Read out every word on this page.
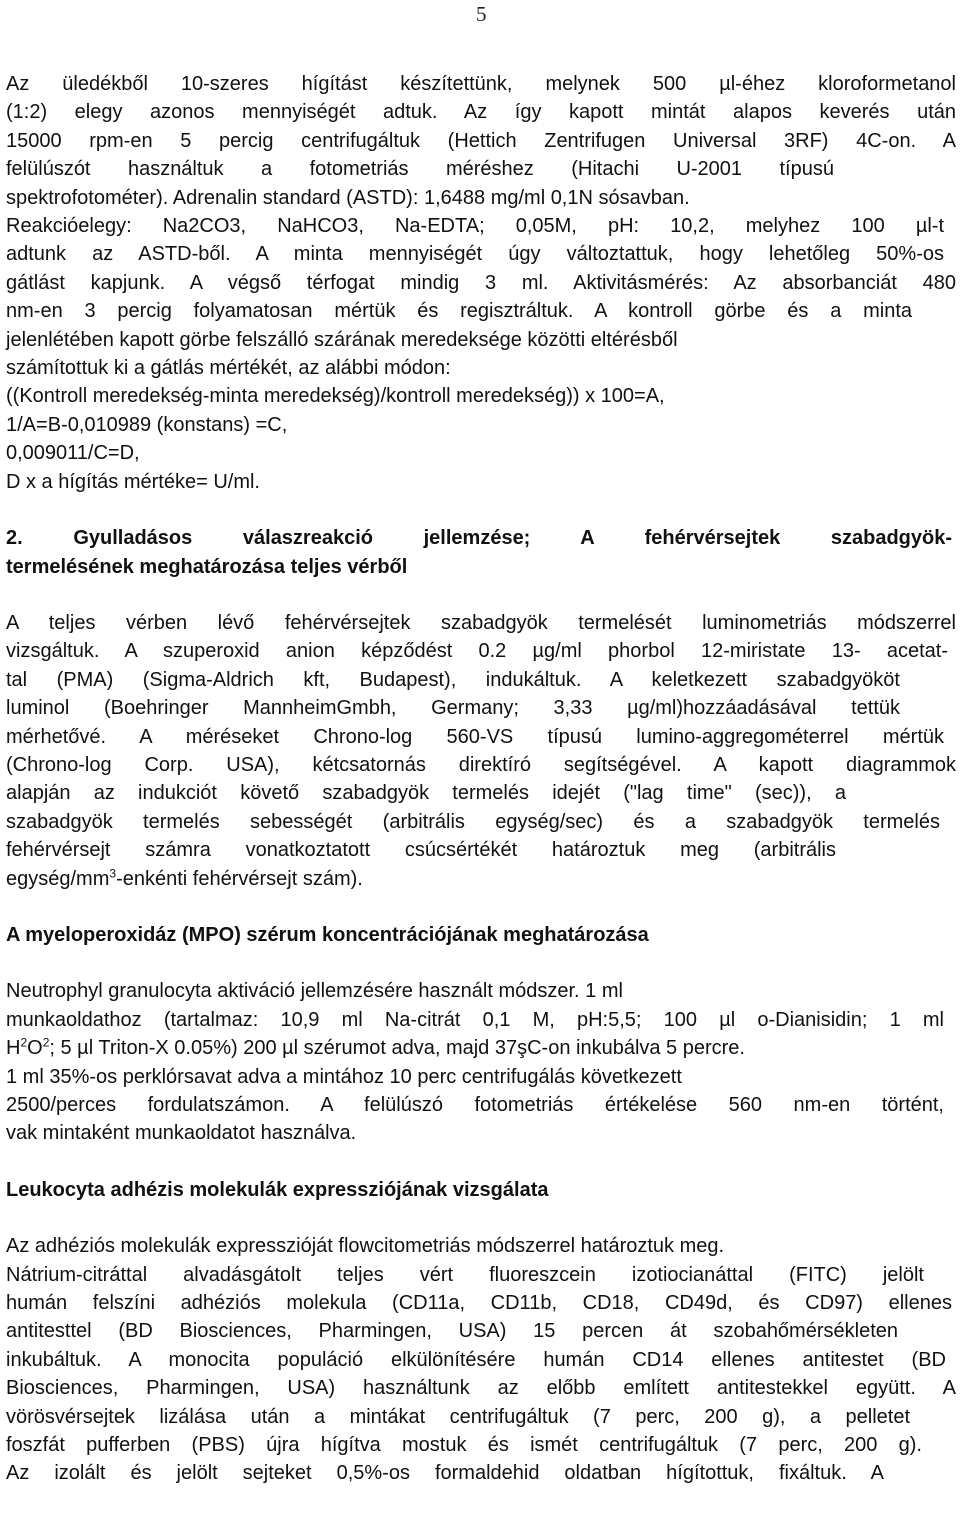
5
Az üledékből 10-szeres hígítást készítettünk, melynek 500 µl-éhez kloroformetanol
(1:2) elegy azonos mennyiségét adtuk. Az így kapott mintát alapos keverés után
15000 rpm-en 5 percig centrifugáltuk (Hettich Zentrifugen Universal 3RF) 4C-on. A
felülúszót használtuk a fotometriás méréshez (Hitachi U-2001 típusú
spektrofotométer). Adrenalin standard (ASTD): 1,6488 mg/ml 0,1N sósavban.
Reakcióelegy: Na2CO3, NaHCO3, Na-EDTA; 0,05M, pH: 10,2, melyhez 100 µl-t
adtunk az ASTD-ből. A minta mennyiségét úgy változtattuk, hogy lehetőleg 50%-os
gátlást kapjunk. A végső térfogat mindig 3 ml. Aktivitásmérés: Az absorbanciát 480
nm-en 3 percig folyamatosan mértük és regisztráltuk. A kontroll görbe és a minta
jelenlétében kapott görbe felszálló szárának meredeksége közötti eltérésből
számítottuk ki a gátlás mértékét, az alábbi módon:
((Kontroll meredekség-minta meredekség)/kontroll meredekség)) x 100=A,
1/A=B-0,010989 (konstans) =C,
0,009011/C=D,
D x a hígítás mértéke= U/ml.
2. Gyulladásos válaszreakció jellemzése; A fehérvérsejtek szabadgyök-
termelésének meghatározása teljes vérből
A teljes vérben lévő fehérvérsejtek szabadgyök termelését luminometriás módszerrel
vizsgáltuk. A szuperoxid anion képződést 0.2 µg/ml phorbol 12-miristate 13- acetat-
tal (PMA) (Sigma-Aldrich kft, Budapest), indukáltuk. A keletkezett szabadgyököt
luminol (Boehringer MannheimGmbh, Germany; 3,33 µg/ml)hozzáadásával tettük
mérhetővé. A méréseket Chrono-log 560-VS típusú lumino-aggregométerrel mértük
(Chrono-log Corp. USA), kétcsatornás direktíró segítségével. A kapott diagrammok
alapján az indukciót követő szabadgyök termelés idejét ("lag time" (sec)), a
szabadgyök termelés sebességét (arbitrális egység/sec) és a szabadgyök termelés
fehérvérsejt számra vonatkoztatott csúcsértékét határoztuk meg (arbitrális
egység/$mm^3$-enkénti fehérvérsejt szám).
A myeloperoxidáz (MPO) szérum koncentrációjának meghatározása
Neutrophyl granulocyta aktiváció jellemzésére használt módszer. 1 ml
munkaoldathoz (tartalmaz: 10,9 ml Na-citrát 0,1 M, pH:5,5; 100 µl o-Dianisidin; 1 ml
$H^2O^2$; 5 µl Triton-X 0.05%) 200 µl szérumot adva, majd 37şC-on inkubálva 5 percre.
1 ml 35%-os perklórsavat adva a mintához 10 perc centrifugálás következett
2500/perces fordulatszámon. A felülúszó fotometriás értékelése 560 nm-en történt,
vak mintaként munkaoldatot használva.
Leukocyta adhézis molekulák expressziójának vizsgálata
Az adhéziós molekulák expresszióját flowcitometriás módszerrel határoztuk meg.
Nátrium-citráttal alvadásgátolt teljes vért fluoreszcein izotiocianáttal (FITC) jelölt
humán felszíni adhéziós molekula (CD11a, CD11b, CD18, CD49d, és CD97) ellenes
antitesttel (BD Biosciences, Pharmingen, USA) 15 percen át szobahőmérsékleten
inkubáltuk. A monocita populáció elkülönítésére humán CD14 ellenes antitestet (BD
Biosciences, Pharmingen, USA) használtunk az előbb említett antitestekkel együtt. A
vörösvérsejtek lizálása után a mintákat centrifugáltuk (7 perc, 200 g), a pelletet
foszfát pufferben (PBS) újra hígítva mostuk és ismét centrifugáltuk (7 perc, 200 g).
Az izolált és jelölt sejteket 0,5%-os formaldehid oldatban hígítottuk, fixáltuk. A
